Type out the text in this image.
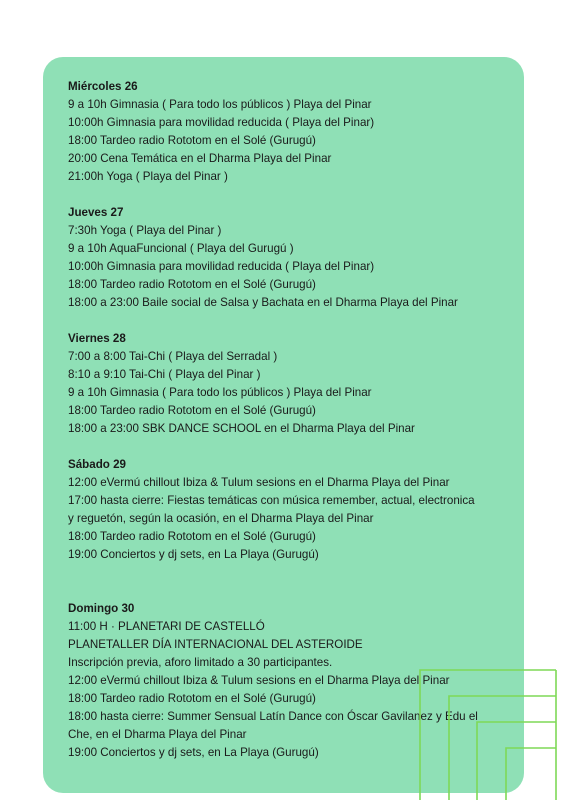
Miércoles 26
9 a 10h Gimnasia ( Para todo los públicos ) Playa del Pinar
10:00h Gimnasia para movilidad reducida ( Playa del Pinar)
18:00 Tardeo radio Rototom en el Solé (Gurugú)
20:00 Cena Temática en el Dharma Playa del Pinar
21:00h Yoga ( Playa del Pinar )
Jueves 27
7:30h Yoga ( Playa del Pinar )
9 a 10h AquaFuncional ( Playa del Gurugú )
10:00h Gimnasia para movilidad reducida ( Playa del Pinar)
18:00 Tardeo radio Rototom en el Solé (Gurugú)
18:00 a 23:00 Baile social de Salsa y Bachata en el Dharma Playa del Pinar
Viernes 28
7:00 a 8:00 Tai-Chi ( Playa del Serradal )
8:10 a 9:10 Tai-Chi ( Playa del Pinar )
9 a 10h Gimnasia ( Para todo los públicos ) Playa del Pinar
18:00 Tardeo radio Rototom en el Solé (Gurugú)
18:00 a 23:00 SBK DANCE SCHOOL en el Dharma Playa del Pinar
Sábado 29
12:00 eVermú chillout Ibiza & Tulum sesions en el Dharma Playa del Pinar
17:00 hasta cierre: Fiestas temáticas con música remember, actual, electronica
y reguetón, según la ocasión, en el Dharma Playa del Pinar
18:00 Tardeo radio Rototom en el Solé (Gurugú)
19:00 Conciertos y dj sets, en La Playa (Gurugú)
Domingo 30
11:00 H · PLANETARI DE CASTELLÓ
PLANETALLER DÍA INTERNACIONAL DEL ASTEROIDE
Inscripción previa, aforo limitado a 30 participantes.
12:00 eVermú chillout Ibiza & Tulum sesions en el Dharma Playa del Pinar
18:00 Tardeo radio Rototom en el Solé (Gurugú)
18:00 hasta cierre: Summer Sensual Latín Dance con Óscar Gavilanez y Edu el
Che, en el Dharma Playa del Pinar
19:00 Conciertos y dj sets, en La Playa (Gurugú)
